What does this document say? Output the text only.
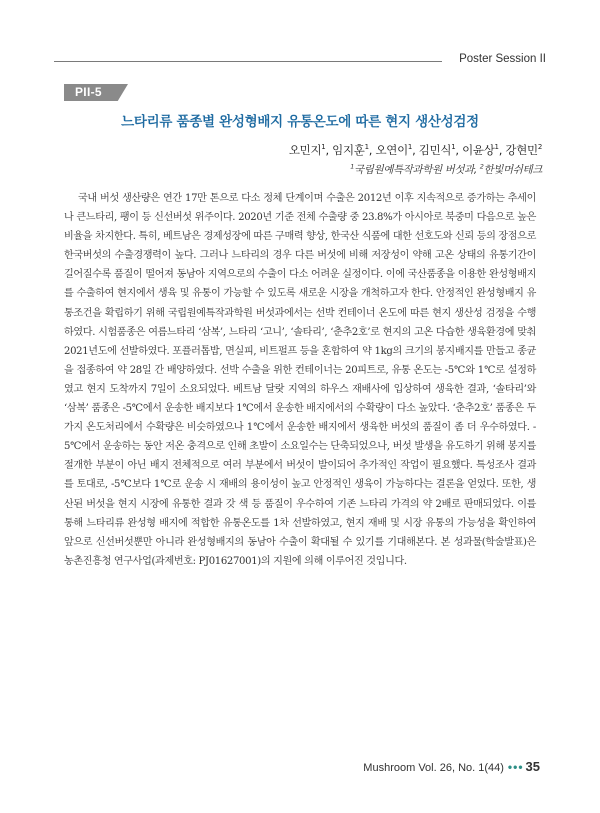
Poster Session II
PII-5
느타리류 품종별 완성형배지 유통온도에 따른 현지 생산성검정
오민지$^1$, 임지훈$^1$, 오연이$^1$, 김민식$^1$, 이윤상$^1$, 강현민$^2$
$^1$국립원예특작과학원 버섯과, $^2$한빛머쉬테크
국내 버섯 생산량은 연간 17만 톤으로 다소 정체 단계이며 수출은 2012년 이후 지속적으로 증가하는 추세이나 큰느타리, 팽이 등 신선버섯 위주이다. 2020년 기준 전체 수출량 중 23.8%가 아시아로 북중미 다음으로 높은 비율을 차지한다. 특히, 베트남은 경제성장에 따른 구매력 향상, 한국산 식품에 대한 선호도와 신뢰 등의 장점으로 한국버섯의 수출경쟁력이 높다. 그러나 느타리의 경우 다른 버섯에 비해 저장성이 약해 고온 상태의 유통기간이 길어질수록 품질이 떨어져 동남아 지역으로의 수출이 다소 어려운 실정이다. 이에 국산품종을 이용한 완성형배지를 수출하여 현지에서 생육 및 유통이 가능할 수 있도록 새로운 시장을 개척하고자 한다. 안정적인 완성형배지 유통조건을 확립하기 위해 국립원예특작과학원 버섯과에서는 선박 컨테이너 온도에 따른 현지 생산성 검정을 수행하였다. 시험품종은 여름느타리 ‘삼복’, 느타리 ‘고니’, ‘솔타리’, ‘춘추2호’로 현지의 고온 다습한 생육환경에 맞춰 2021년도에 선발하였다. 포플러톱밥, 면실피, 비트펄프 등을 혼합하여 약 1kg의 크기의 봉지배지를 만들고 종균을 접종하여 약 28일 간 배양하였다. 선박 수출을 위한 컨테이너는 20피트로, 유통 온도는 -5℃와 1℃로 설정하였고 현지 도착까지 7일이 소요되었다. 베트남 달랏 지역의 하우스 재배사에 입상하여 생육한 결과, ‘솔타리’와 ‘삼복’ 품종은 -5℃에서 운송한 배지보다 1℃에서 운송한 배지에서의 수확량이 다소 높았다. ‘춘추2호’ 품종은 두 가지 온도처리에서 수확량은 비슷하였으나 1℃에서 운송한 배지에서 생육한 버섯의 품질이 좀 더 우수하였다. -5℃에서 운송하는 동안 저온 충격으로 인해 초발이 소요일수는 단축되었으나, 버섯 발생을 유도하기 위해 봉지를 절개한 부분이 아닌 배지 전체적으로 여러 부분에서 버섯이 발이되어 추가적인 작업이 필요했다. 특성조사 결과를 토대로, -5℃보다 1℃로 운송 시 재배의 용이성이 높고 안정적인 생육이 가능하다는 결론을 얻었다. 또한, 생산된 버섯을 현지 시장에 유통한 결과 갓 색 등 품질이 우수하여 기존 느타리 가격의 약 2배로 판매되었다. 이를 통해 느타리류 완성형 배지에 적합한 유통온도를 1차 선발하였고, 현지 재배 및 시장 유통의 가능성을 확인하여 앞으로 신선버섯뿐만 아니라 완성형배지의 동남아 수출이 확대될 수 있기를 기대해본다. 본 성과물(학술발표)은 농촌진흥청 연구사업(과제번호: PJ01627001)의 지원에 의해 이루어진 것입니다.
Mushroom Vol. 26, No. 1(44) ••• 35
